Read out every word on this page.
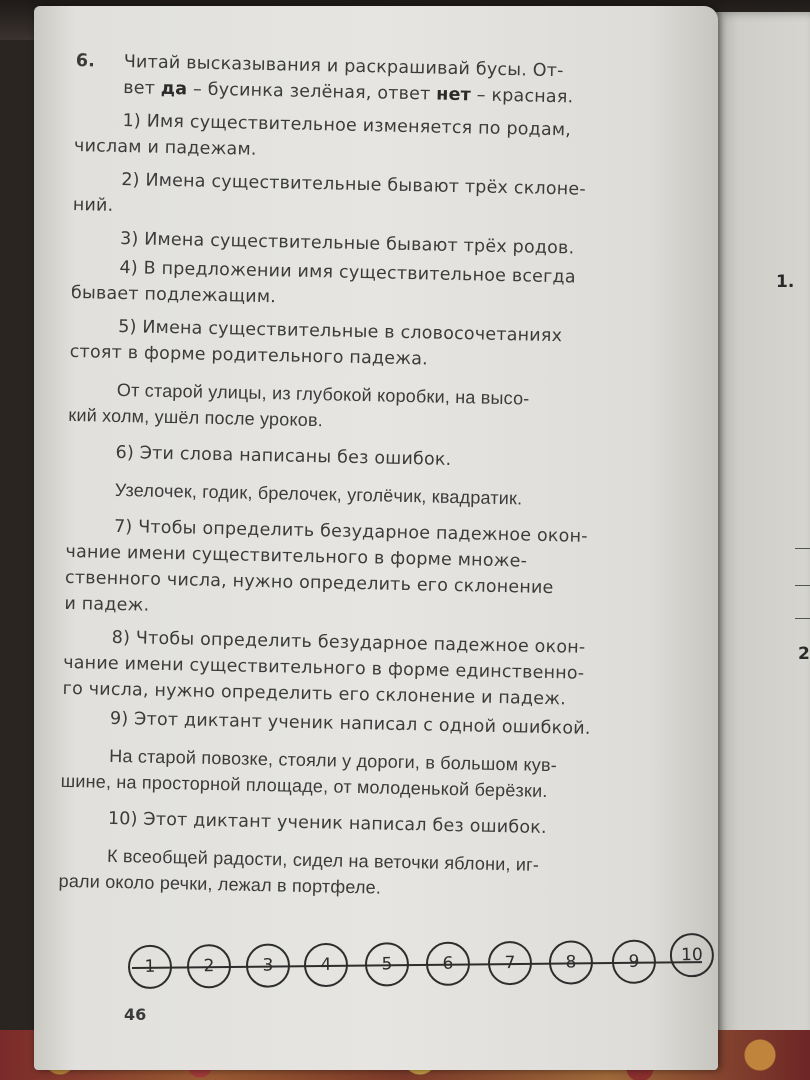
1.
2
6. Читай высказывания и раскрашивай бусы. От-
вет да – бусинка зелёная, ответ нет – красная.
1) Имя существительное изменяется по родам,
числам и падежам.
2) Имена существительные бывают трёх склоне-
ний.
3) Имена существительные бывают трёх родов.
4) В предложении имя существительное всегда
бывает подлежащим.
5) Имена существительные в словосочетаниях
стоят в форме родительного падежа.
От старой улицы, из глубокой коробки, на высо-
кий холм, ушёл после уроков.
6) Эти слова написаны без ошибок.
Узелочек, годик, брелочек, уголёчик, квадратик.
7) Чтобы определить безударное падежное окон-
чание имени существительного в форме множе-
ственного числа, нужно определить его склонение
и падеж.
8) Чтобы определить безударное падежное окон-
чание имени существительного в форме единственно-
го числа, нужно определить его склонение и падеж.
9) Этот диктант ученик написал с одной ошибкой.
На старой повозке, стояли у дороги, в большом кув-
шине, на просторной площаде, от молоденькой берёзки.
10) Этот диктант ученик написал без ошибок.
К всеобщей радости, сидел на веточки яблони, иг-
рали около речки, лежал в портфеле.
1	2	3	4	5	6	7	8	9	10
46
